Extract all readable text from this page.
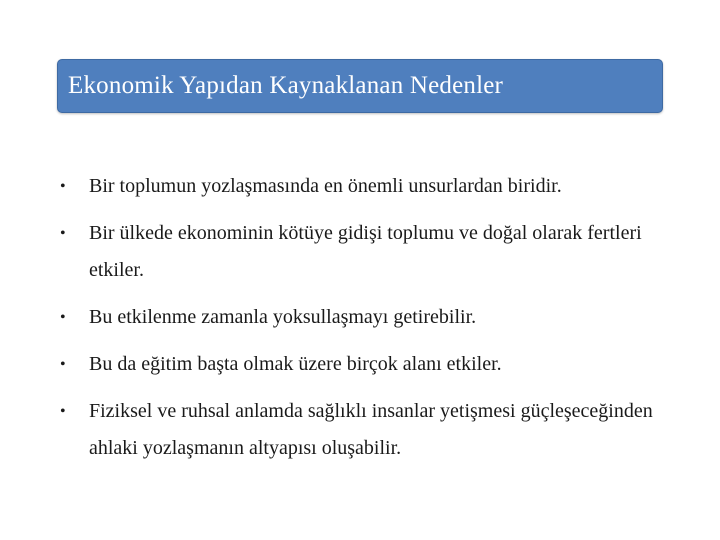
Ekonomik Yapıdan Kaynaklanan Nedenler
• Bir toplumun yozlaşmasında en önemli unsurlardan biridir.
• Bir ülkede ekonominin kötüye gidişi toplumu ve doğal olarak fertleri etkiler.
• Bu etkilenme zamanla yoksullaşmayı getirebilir.
• Bu da eğitim başta olmak üzere birçok alanı etkiler.
• Fiziksel ve ruhsal anlamda sağlıklı insanlar yetişmesi güçleşeceğinden ahlaki yozlaşmanın altyapısı oluşabilir.
